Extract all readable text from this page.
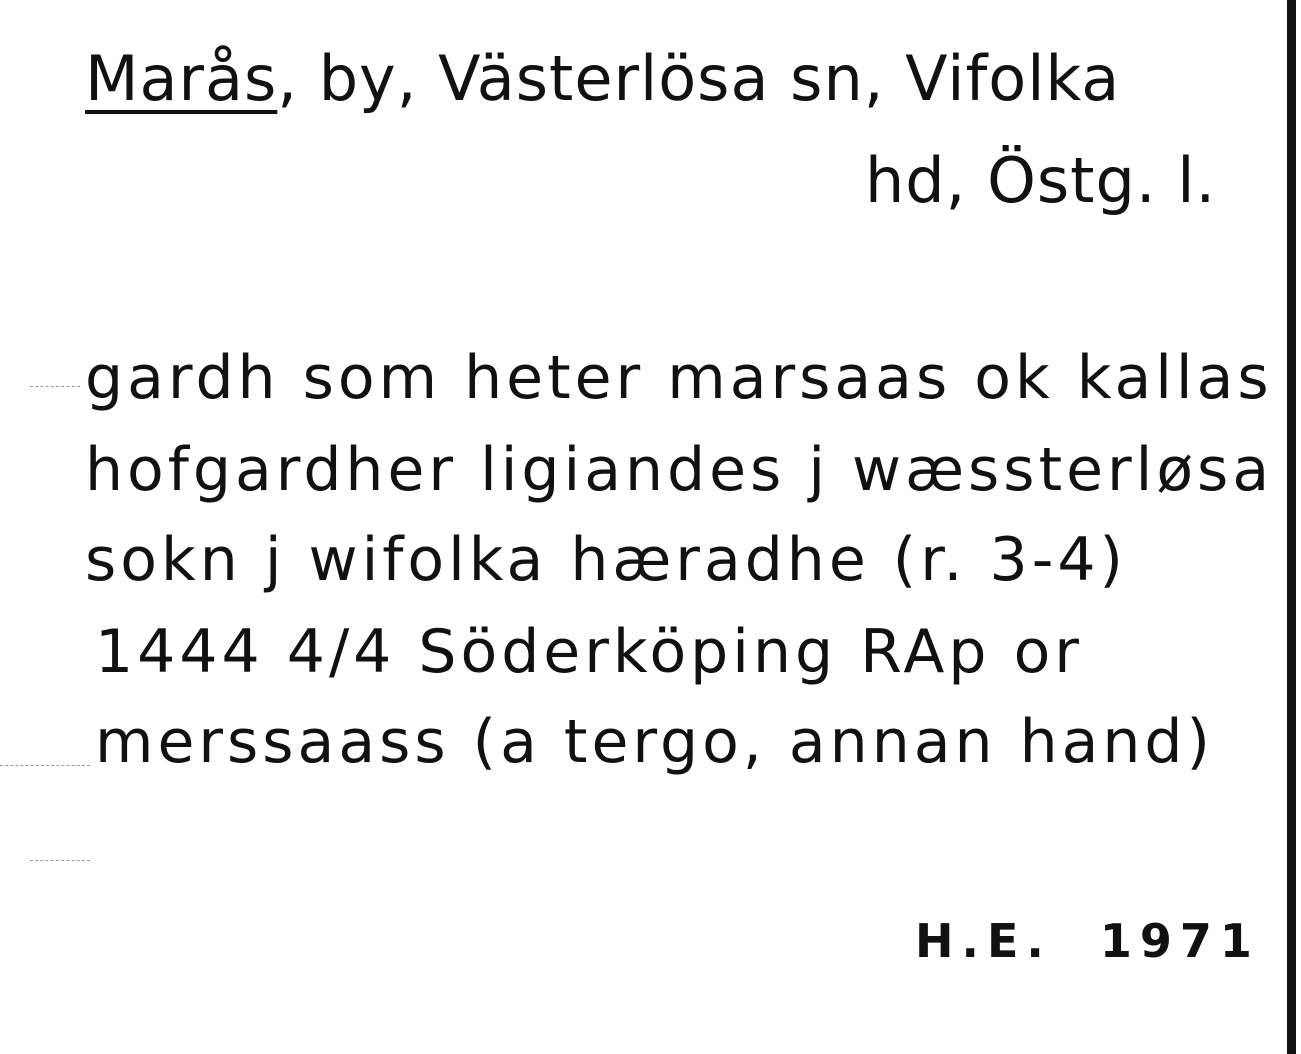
Marås, by, Västerlösa sn, Vifolka
hd, Östg. l.
gardh som heter marsaas ok kallas
hofgardher ligiandes j wæssterløsa
sokn j wifolka hæradhe (r. 3-4)
1444 4/4 Söderköping RAp or
merssaass (a tergo, annan hand)
H.E. 1971
